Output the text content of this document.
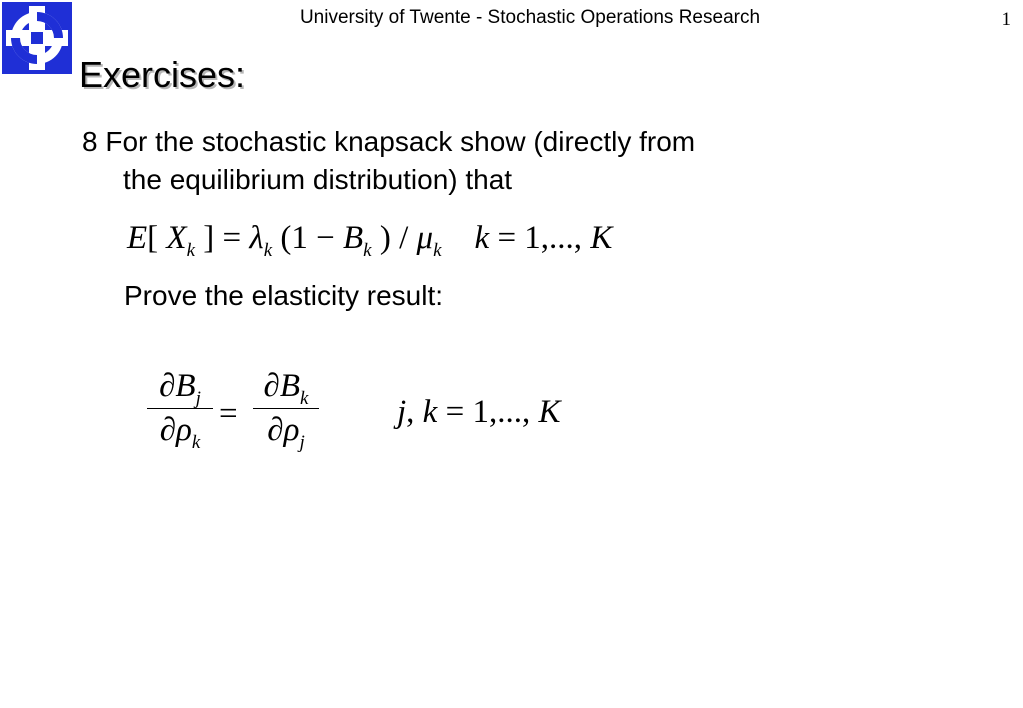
University of Twente - Stochastic Operations Research	1
Exercises:
8 For the stochastic knapsack show (directly from
the equilibrium distribution) that
E[ $X_k$ ] = $\lambda_k$ ($1 - B_k$ ) / $\mu_k$ k = 1,..., K
Prove the elasticity result:
$\partial B_j$
$\partial\rho_k$
=
$\partial B_k$
$\partial\rho_j$
j, k = 1,..., K
